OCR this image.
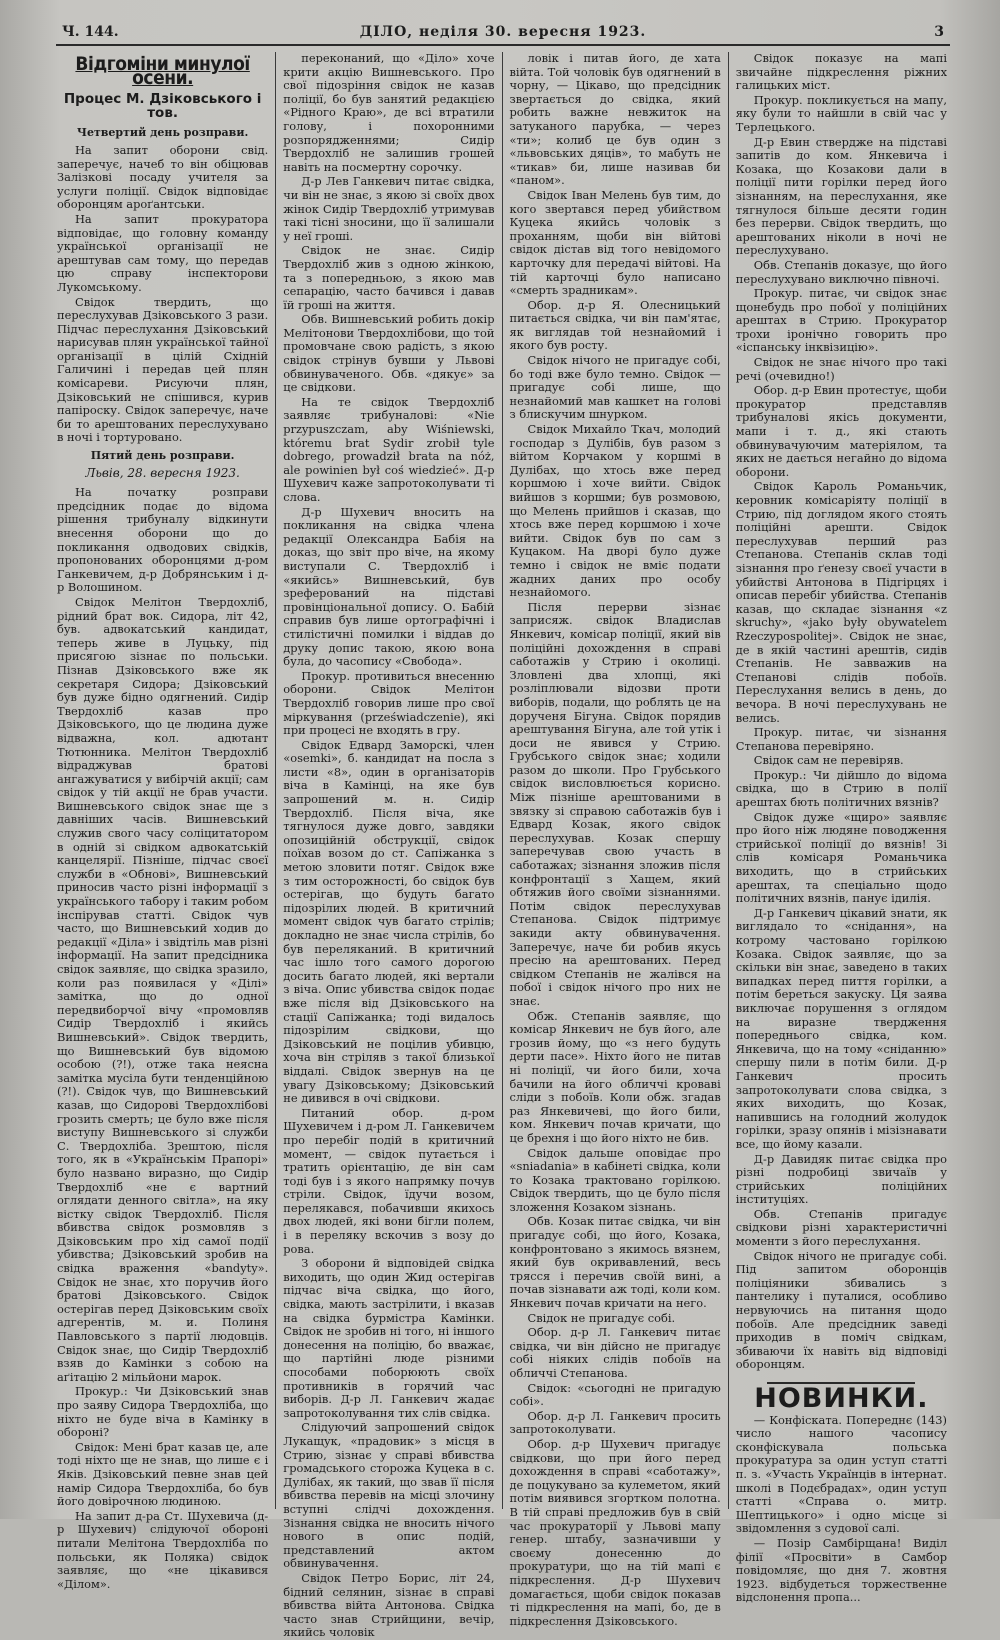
Ч. 144.	ДІЛО, неділя 30. вересня 1923.	3
Відгоміни минулої осени.
Процес М. Дзіковського і тов.
Четвертий день розправи.

На запит оборони свід. заперечує, начеб то він обіцював Залізкові посаду учителя за услуги поліції. Свідок відповідає оборонцям ароґантськи.

На запит прокуратора відповідає, що головну команду української організації не арештував сам тому, що передав цю справу інспекторови Лукомському.

Свідок твердить, що переслухував Дзіковського 3 рази. Підчас переслухання Дзіковський нарисував плян української тайної організації в цілій Східній Галичині і передав цей плян комісареви. Рисуючи плян, Дзіковський не спішився, курив папіроску. Свідок заперечує, наче би то арештованих переслухувано в ночі і тортуровано.

Пятий день розправи.
Львів, 28. вересня 1923.

На початку розправи предсідник подає до відома рішення трибуналу відкинути внесення оборони що до покликання одводових свідків, пропонованих оборонцями д-ром Ганкевичем, д-р Добрянським і д-р Волошином.

Свідок Мелітон Твердохліб, рідний брат вок. Сидора, літ 42, був. адвокатський кандидат, теперь живе в Луцьку, під присягою зізнає по польськи. Пізнав Дзіковського вже як секретаря Сидора; Дзіковський був дуже бідно одягнений. Сидір Твердохліб казав про Дзіковського, що це людина дуже відважна, кол. адютант Тютюнника. Мелітон Твердохліб відраджував братові ангажуватися у вибірчій акції; сам свідок у тій акції не брав участи. Вишневського свідок знає ще з давніших часів. Вишневський служив свого часу соліцитатором в одній зі свідком адвокатській канцелярії. Пізніше, підчас своєї служби в «Обнові», Вишневський приносив часто різні інформації з українського табору і таким робом інспірував статті. Свідок чув часто, що Вишневський ходив до редакції «Діла» і звідтіль мав різні інформації. На запит предсідника свідок заявляє, що свідка зразило, коли раз появилася у «Ділі» замітка, що до одної передвиборчої вічу «промовляв Сидір Твердохліб і якийсь Вишневський». Свідок твердить, що Вишневський був відомою особою (?!), отже така неясна замітка мусіла бути тенденційною (?!). Свідок чув, що Вишневський казав, що Сидорові Твердохлібові грозить смерть; це було вже після виступу Вишневського зі служби С. Твердохліба. Зрештою, після того, як в «Українськім Прапорі» було названо виразно, що Сидір Твердохліб «не є вартний оглядати денного світла», на яку вістку свідок Твердохліб. Після вбивства свідок розмовляв з Дзіковським про хід самої події убивства; Дзіковський зробив на свідка враження «bandyty». Свідок не знає, хто поручив його братові Дзіковського. Свідок остерігав перед Дзіковським своїх адгерентів, м. и. Полиня Павловського з партії людовців. Свідок знає, що Сидір Твердохліб взяв до Камінки з собою на аґітацію 2 мільйони марок.

Прокур.: Чи Дзіковський знав про заяву Сидора Твердохліба, що ніхто не буде віча в Камінку в обороні?

Свідок: Мені брат казав це, але тоді ніхто ще не знав, що лише є і Яків. Дзіковський певне знав цей намір Сидора Твердохліба, бо був його довірочною людиною.

На запит д-ра Ст. Шухевича (д-р Шухевич) слідуючої обороні питали Мелітона Твердохліба по польськи, як Поляка) свідок заявляє, що «не цікавився «Ділом».

переконаний, що «Діло» хоче крити акцію Вишневського. Про свої підозріння свідок не казав поліції, бо був занятий редакцією «Рідного Краю», де всі втратили голову, і похоронними розпорядженнями; Сидір Твердохліб не залишив грошей навіть на посмертну сорочку.

Д-р Лев Ганкевич питає свідка, чи він не знає, з якою зі своїх двох жінок Сидір Твердохліб утримував такі тісні зносини, що її залишали у неї гроші.

Свідок не знає. Сидір Твердохліб жив з одною жінкою, та з попередньою, з якою мав сепарацію, часто бачився і давав їй гроші на життя.

Обв. Вишневський робить докір Мелітонови Твердохлібови, що той промовчане свою радість, з якою свідок стрінув бувши у Львові обвинуваченого. Обв. «дякує» за це свідкови.

На те свідок Твердохліб заявляє трибуналові: «Nie przypuszczam, aby Wiśniewski, któremu brat Sydir zrobił tyle dobrego, prowadził brata na nóż, ale powinien był coś wiedzieć». Д-р Шухевич каже запротоколувати ті слова.

Д-р Шухевич вносить на покликання на свідка члена редакції Олександра Бабія на доказ, що звіт про віче, на якому виступали С. Твердохліб і «якийсь» Вишневський, був зреферований на підставі провінціональної допису. О. Бабій справив був лише ортографічні і стилістичні помилки і віддав до друку допис такою, якою вона була, до часопису «Свобода».

Прокур. противиться внесенню оборони. Свідок Мелітон Твердохліб говорив лише про свої міркування (przeświadczenie), які при процесі не входять в гру.

Свідок Едвард Заморскі, член «osemki», б. кандидат на посла з листи «8», один в організаторів віча в Камінці, на яке був запрошений м. н. Сидір Твердохліб. Після віча, яке тягнулося дуже довго, завдяки опозиційній обструкції, свідок поїхав возом до ст. Сапіжанка з метою зловити потяг. Свідок вже з тим осторожності, бо свідок був остерігав, що будуть багато підозрілих людей. В критичний момент свідок чув багато стрілів; докладно не знає числа стрілів, бо був переляканий. В критичний час ішло того самого дорогою досить багато людей, які вертали з віча. Опис убивства свідок подає вже після від Дзіковського на стації Сапіжанка; тоді видалось підозрілим свідкови, що Дзіковський не поцілив убивцю, хоча він стріляв з такої близької віддалі. Свідок звернув на це увагу Дзіковському; Дзіковський не дивився в очі свідкови.

Питаний обор. д-ром Шухевичем і д-ром Л. Ганкевичем про перебіг подій в критичний момент, — свідок путається і тратить орієнтацію, де він сам тоді був і з якого напрямку почув стріли. Свідок, їдучи возом, перелякався, побачивши якихось двох людей, які вони бігли полем, і в переляку вскочив з возу до рова.

З оборони й відповідей свідка виходить, що один Жид остерігав підчас віча свідка, що його, свідка, мають застрілити, і вказав на свідка бурмістра Камінки. Свідок не зробив ні того, ні іншого донесення на поліцію, бо вважає, що партійні люде різними способами поборюють своїх противників в горячий час виборів. Д-р Л. Ганкевич жадає запротоколування тих слів свідка.

Слідуючий запрошений свідок Лукащук, «прадовик» з місця в Стрию, зізнає у справі вбивства громадського сторожа Куцека в с. Дулібах, як такий, що звав її після вбивства перевів на місці злочину вступні слідчі дохождення. Зізнання свідка не вносить нічого нового в опис подій, представлений актом обвинувачення.

Свідок Петро Борис, літ 24, бідний селянин, зізнає в справі вбивства війта Антонова. Свідка часто знав Стрийщини, вечір, якийсь чоловік

ловік і питав його, де хата війта. Той чоловік був одягнений в чорну, — Цікаво, що предсідник звертається до свідка, який робить важне невжиток на затуканого парубка, — через «ти»; колиб це був один з «львовських дяців», то мабуть не «тикав» би, лише називав би «паном».

Свідок Іван Мелень був тим, до кого звертався перед убийством Куцека якийсь чоловік з проханням, щоби він війтові свідок дістав від того невідомого карточку для передачі війтові. На тій карточці було написано «смерть зрадникам».

Обор. д-р Я. Олесницький питається свідка, чи він пам'ятає, як виглядав той незнайомий і якого був росту.

Свідок нічого не пригадує собі, бо тоді вже було темно. Свідок — пригадує собі лише, що незнайомий мав кашкет на голові з блискучим шнурком.

Свідок Михайло Ткач, молодий господар з Дулібів, був разом з війтом Корчаком у коршмі в Дулібах, що хтось вже перед коршмою і хоче вийти. Свідок вийшов з коршми; був розмовою, що Мелень прийшов і сказав, що хтось вже перед коршмою і хоче вийти. Свідок був по сам з Куцаком. На дворі було дуже темно і свідок не вміє подати жадних даних про особу незнайомого.

Після перерви зізнає заприсяж. свідок Владислав Янкевич, комісар поліції, який вів поліційні дохождення в справі саботажів у Стрию і околиці. Зловлені два хлопці, які розліплювали відозви проти виборів, подали, що роблять це на дорученя Бігуна. Свідок порядив арештування Бігуна, але той утік і доси не явився у Стрию. Грубського свідок знає; ходили разом до школи. Про Грубського свідок висловлюється корисно. Між пізніше арештованими в звязку зі справою саботажів був і Едвард Козак, якого свідок переслухував. Козак спершу заперечував свою участь в саботажах; зізнання зложив після конфронтації з Хащем, який обтяжив його своїми зізнаннями. Потім свідок переслухував Степанова. Свідок підтримує закиди акту обвинувачення. Заперечує, наче би робив якусь пресію на арештованих. Перед свідком Степанів не жалівся на побої і свідок нічого про них не знає.

Обж. Степанів заявляє, що комісар Янкевич не був його, але грозив йому, що «з него будуть дерти пасе». Ніхто його не питав ні поліції, чи його били, хоча бачили на його обличчі кроваві сліди з побоїв. Коли обж. згадав раз Янкевичеві, що його били, ком. Янкевич почав кричати, що це брехня і що його ніхто не бив.

Свідок дальше оповідає про «sniadania» в кабінеті свідка, коли то Козака трактовано горілкою. Свідок твердить, що це було після зложення Козаком зізнань.

Обв. Козак питає свідка, чи він пригадує собі, що його, Козака, конфронтовано з якимось вязнем, який був окривавлений, весь трясся і перечив своїй вині, а почав зізнавати аж тоді, коли ком. Янкевич почав кричати на него.

Свідок не пригадує собі.

Обор. д-р Л. Ганкевич питає свідка, чи він дійсно не пригадує собі ніяких слідів побоїв на обличчі Степанова.

Свідок: «сьогодні не пригадую собі».

Обор. д-р Л. Ганкевич просить запротоколувати.

Обор. д-р Шухевич пригадує свідкови, що при його перед дохождення в справі «саботажу», де поцукувано за кулеметом, який потім виявився згортком полотна. В тій справі предложив був в свій час прокураторії у Львові мапу генер. штабу, зазначивши у своєму донесенню до прокуратури, що на тій мапі є підкреслення. Д-р Шухевич домагається, щоби свідок показав ті підкреслення на мапі, бо, де в підкреслення Дзіковського.

Свідок показує на мапі звичайне підкреслення ріжних галицьких міст.

Прокур. покликується на мапу, яку були то найшли в свій час у Терлецького.

Д-р Евин ствердже на підставі запитів до ком. Янкевича і Козака, що Козакови дали в поліції пити горілки перед його зізнанням, на переслухання, яке тягнулося більше десяти годин без перерви. Свідок твердить, що арештованих ніколи в ночі не переслухувано.

Обв. Степанів доказує, що його переслухувано виключно півночі.

Прокур. питає, чи свідок знає щонебудь про побої у поліційних арештах в Стрию. Прокуратор трохи іронічно говорить про «іспанську інквізицію».

Свідок не знає нічого про такі речі (очевидно!)

Обор. д-р Евин протестує, щоби прокуратор представляв трибуналові якісь документи, мапи і т. д., які стають обвинувачуючим матеріялом, та яких не дається негайно до відома оборони.

Свідок Кароль Романьчик, керовник комісаріяту поліції в Стрию, під доглядом якого стоять поліційні арешти. Свідок переслухував перший раз Степанова. Степанів склав тоді зізнання про ґенезу своєї участи в убийстві Антонова в Підгірцях і описав перебіг убийства. Степанів казав, що складає зізнання «z skruchy», «jako były obywatelem Rzeczypospolitej». Свідок не знає, де в якій частині арештів, сидів Степанів. Не завважив на Степанові слідів побоїв. Переслухання велись в день, до вечора. В ночі переслухувань не велись.

Прокур. питає, чи зізнання Степанова перевіряно.

Свідок сам не перевіряв.

Прокур.: Чи дійшло до відома свідка, що в Стрию в полії арештах бють політичних вязнів?

Свідок дуже «щиро» заявляє про його ніж людяне поводження стрийської поліції до вязнів! Зі слів комісаря Романьчика виходить, що в стрийських арештах, та спеціально щодо політичних вязнів, панує ідилія.

Д-р Ганкевич цікавий знати, як виглядало то «снідання», на котрому частовано горілкою Козака. Свідок заявляє, що за скільки він знає, заведено в таких випадках перед пиття горілки, а потім береться закуску. Ця заява виключає порушення з оглядом на виразне твердження попереднього свідка, ком. Янкевича, що на тому «сніданню» спершу пили в потім били. Д-р Ганкевич просить запротоколувати слова свідка, з яких виходить, що Козак, напившись на голодний жолудок горілки, зразу опянів і мізізнавати все, що йому казали.

Д-р Давидяк питає свідка про різні подробиці звичаїв у стрийських поліційних інституціях.

Обв. Степанів пригадує свідкови різні характеристичні моменти з його переслухання.

Свідок нічого не пригадує собі. Під запитом оборонців поліціяники збивались з пантелику і путалися, особливо нервуючись на питання щодо побоїв. Але предсідник заведі приходив в поміч свідкам, збиваючи їх навіть від відповіді оборонцям.

НОВИНКИ.

— Конфіската. Попереднє (143) число нашого часопису сконфіскувала польська прокуратура за один уступ статті п. з. «Участь Українців в інтернат. школі в Подєбрадах», один уступ статті «Справа о. митр. Шептицького» і одно місце зі звідомлення з судової салі.

— Позір Самбірщана! Виділ філії «Просвіти» в Самбор повідомляє, що дня 7. жовтня 1923. відбудеться торжественне відслонення пропа...
